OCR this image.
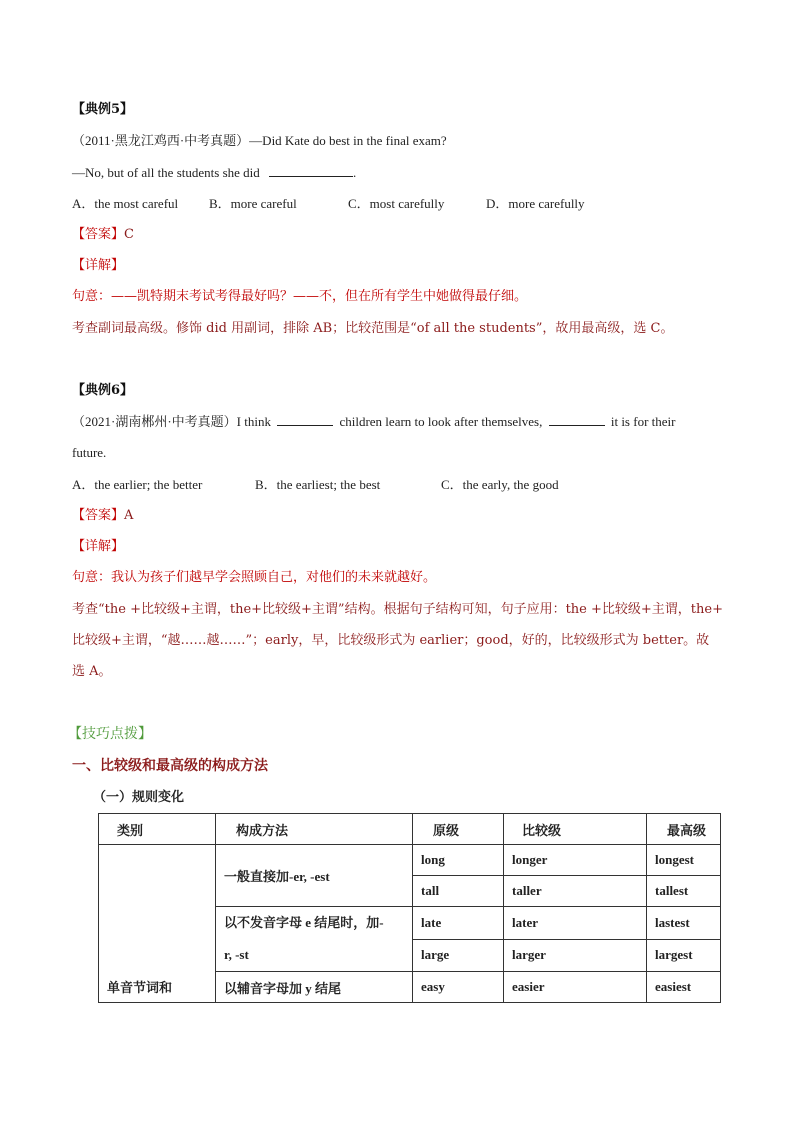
【典例5】
（2011·黑龙江鸡西·中考真题）—Did Kate do best in the final exam?
—No, but of all the students she did	.
A．the most careful B．more careful	C．most carefully	D．more carefully
【答案】C
【详解】
句意：——凯特期末考试考得最好吗？——不，但在所有学生中她做得最仔细。
考查副词最高级。修饰 did 用副词，排除 AB；比较范围是“of all the students”，故用最高级，选 C。
【典例6】
（2021·湖南郴州·中考真题）I think	children learn to look after themselves,	it is for their
future.
A．the earlier; the better	B．the earliest; the best	C．the early, the good
【答案】A
【详解】
句意：我认为孩子们越早学会照顾自己，对他们的未来就越好。
考查“the +比较级+主谓，the+比较级+主谓”结构。根据句子结构可知，句子应用：the +比较级+主谓，the+
比较级+主谓，“越……越……”；early，早，比较级形式为 earlier；good，好的，比较级形式为 better。故
选 A。
【技巧点拨】
一、比较级和最高级的构成方法
（一）规则变化
类别	构成方法	原级	比较级	最高级
单音节词和	一般直接加-er, -est	long	longer	longest
		tall	taller	tallest

	以不发音字母 e 结尾时，加-
r, -st	late	later	lastest
		large	larger	largest
	以辅音字母加 y 结尾	easy	easier	easiest
